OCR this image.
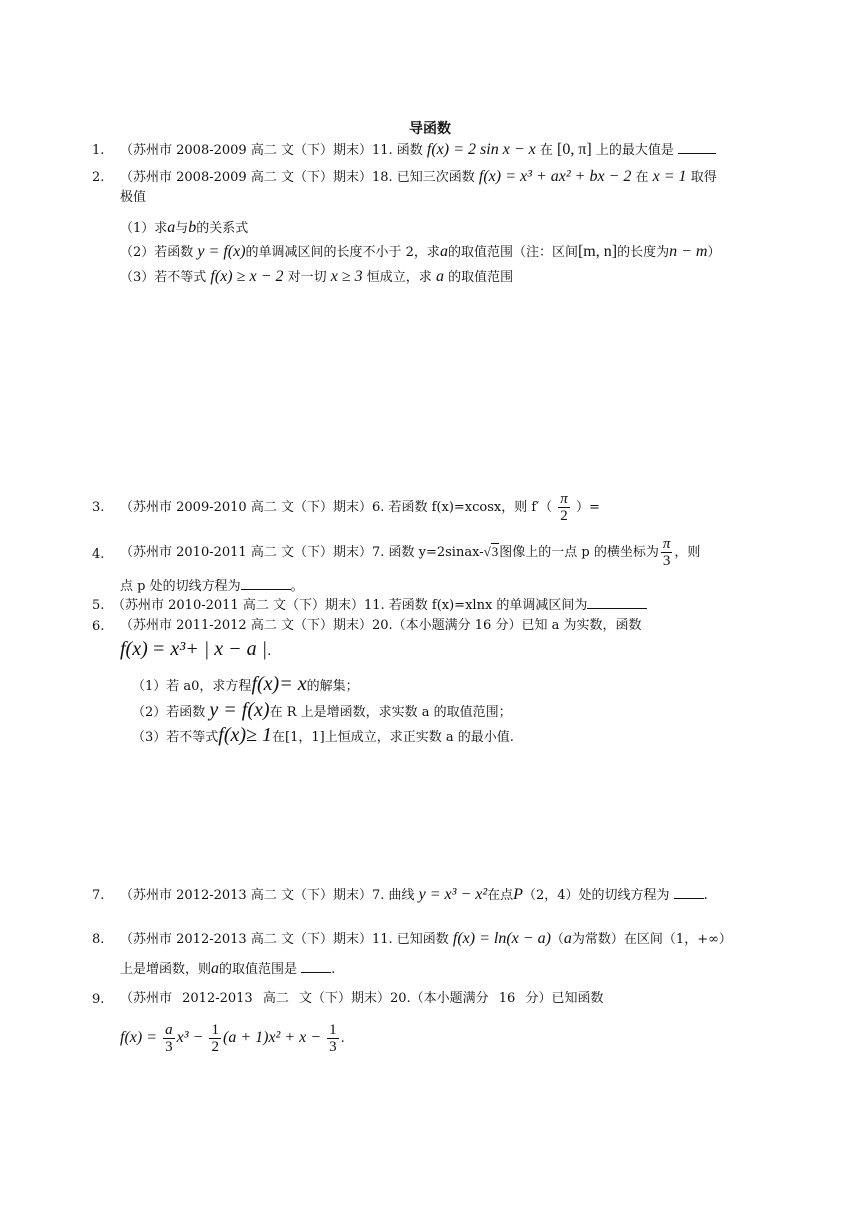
导函数
1. （苏州市 2008-2009 高二 文（下）期末）11. 函数 f(x) = 2 sin x − x 在 [0, π] 上的最大值是
2. （苏州市 2008-2009 高二 文（下）期末）18. 已知三次函数 f(x) = x³ + ax² + bx − 2 在 x = 1 取得
极值
（1）求a与b的关系式
（2）若函数 y = f(x)的单调减区间的长度不小于 2，求a的取值范围（注：区间[m, n]的长度为n − m）
（3）若不等式 f(x) ≥ x − 2 对一切 x ≥ 3 恒成立，求 a 的取值范围
3. （苏州市 2009-2010 高二 文（下）期末）6. 若函数 f(x)=xcosx，则 $f'( \frac{\pi}{2}$ ）=
4. （苏州市 2010-2011 高二 文（下）期末）7. 函数 y=2sinax-√3图像上的一点 p 的横坐标为 $\frac{\pi}{3}$ ，则
点 p 处的切线方程为	。
5. （苏州市 2010-2011 高二 文（下）期末）11. 若函数 f(x)=xlnx 的单调减区间为
6. （苏州市 2011-2012 高二 文（下）期末）20.（本小题满分 16 分）已知 a 为实数，函数
f(x) = x³+ | x − a |.
（1）若 a0，求方程f(x)= x的解集；
（2）若函数 y = f(x)在 R 上是增函数，求实数 a 的取值范围；
（3）若不等式f(x)≥ 1在[1，1]上恒成立，求正实数 a 的最小值.
7. （苏州市 2012-2013 高二 文（下）期末）7. 曲线 y = x³ − x²在点P（2，4）处的切线方程为	.
8. （苏州市 2012-2013 高二 文（下）期末）11. 已知函数 f(x) = ln(x − a)（a为常数）在区间（1，+∞）
上是增函数，则a的取值范围是	.
9. （苏州市 2012-2013 高二 文（下）期末）20.（本小题满分 16 分）已知函数
$f(x) = \frac{a}{3} x^3 - \frac{1}{2} (a + 1)x^2 + x - \frac{1}{3}$ .
